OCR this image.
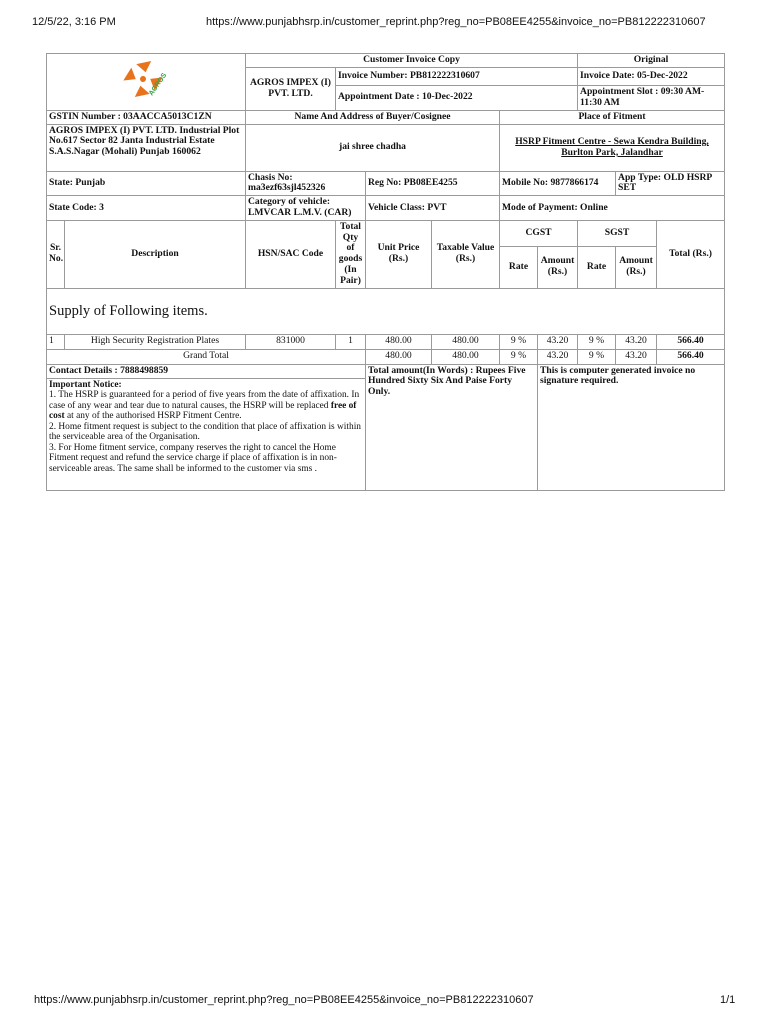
12/5/22, 3:16 PM	https://www.punjabhsrp.in/customer_reprint.php?reg_no=PB08EE4255&invoice_no=PB812222310607
AGROS		Customer Invoice Copy						Original		
		AGROS IMPEX (I) PVT. LTD.	Invoice Number: PB812222310607					Invoice Date: 05-Dec-2022		
			Appointment Date : 10-Dec-2022					Appointment Slot : 09:30 AM-11:30 AM		
GSTIN Number : 03AACCA5013C1ZN		Name And Address of Buyer/Cosignee				Place of Fitment				
AGROS IMPEX (I) PVT. LTD. Industrial Plot No.617 Sector 82 Janta Industrial Estate S.A.S.Nagar (Mohali) Punjab 160062		jai shree chadha				HSRP Fitment Centre - Sewa Kendra Building, Burlton Park, Jalandhar				
State: Punjab		Chasis No: ma3ezf63sjl452326		Reg No: PB08EE4255		Mobile No: 9877866174			App Type: OLD HSRP SET	
State Code: 3		Category of vehicle: LMVCAR L.M.V. (CAR)		Vehicle Class: PVT		Mode of Payment: Online				
Sr. No.	Description	HSN/SAC Code	Total Qty of goods (In Pair)	Unit Price (Rs.)	Taxable Value (Rs.)	CGST		SGST		Total (Rs.)
						Rate	Amount (Rs.)	Rate	Amount (Rs.)	
Supply of Following items.										
1	High Security Registration Plates	831000	1	480.00	480.00	9 %	43.20	9 %	43.20	566.40
Grand Total				480.00	480.00	9 %	43.20	9 %	43.20	566.40
Contact Details : 7888498859				Total amount(In Words) : Rupees Five Hundred Sixty Six And Paise Forty Only.			This is computer generated invoice no signature required.			

Important Notice:

1. The HSRP is guaranteed for a period of five years from the date of affixation. In case of any wear and tear due to natural causes, the HSRP will be replaced free of cost at any of the authorised HSRP Fitment Centre.

2. Home fitment request is subject to the condition that place of affixation is within the serviceable area of the Organisation.

3. For Home fitment service, company reserves the right to cancel the Home Fitment request and refund the service charge if place of affixation is in non-serviceable areas. The same shall be informed to the customer via sms .										

https://www.punjabhsrp.in/customer_reprint.php?reg_no=PB08EE4255&invoice_no=PB812222310607	1/1
